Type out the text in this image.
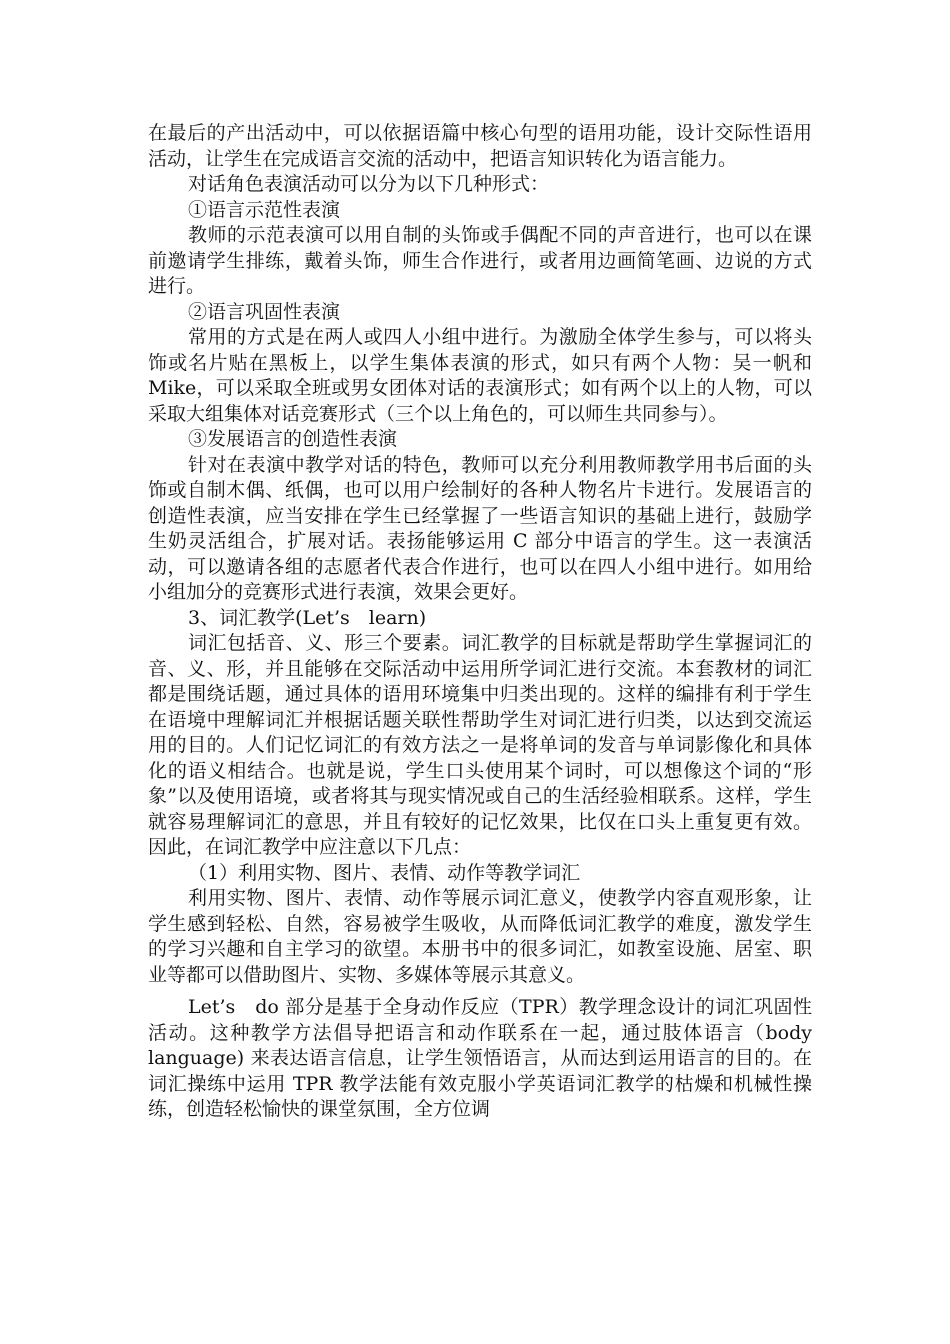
在最后的产出活动中，可以依据语篇中核心句型的语用功能，设计交际性语用活动，让学生在完成语言交流的活动中，把语言知识转化为语言能力。

对话角色表演活动可以分为以下几种形式：

①语言示范性表演

教师的示范表演可以用自制的头饰或手偶配不同的声音进行，也可以在课前邀请学生排练，戴着头饰，师生合作进行，或者用边画简笔画、边说的方式进行。

②语言巩固性表演

常用的方式是在两人或四人小组中进行。为激励全体学生参与，可以将头饰或名片贴在黑板上，以学生集体表演的形式，如只有两个人物：吴一帆和 Mike，可以采取全班或男女团体对话的表演形式；如有两个以上的人物，可以采取大组集体对话竞赛形式（三个以上角色的，可以师生共同参与）。

③发展语言的创造性表演

针对在表演中教学对话的特色，教师可以充分利用教师教学用书后面的头饰或自制木偶、纸偶，也可以用户绘制好的各种人物名片卡进行。发展语言的创造性表演，应当安排在学生已经掌握了一些语言知识的基础上进行，鼓励学生奶灵活组合，扩展对话。表扬能够运用 C 部分中语言的学生。这一表演活动，可以邀请各组的志愿者代表合作进行，也可以在四人小组中进行。如用给小组加分的竞赛形式进行表演，效果会更好。

3、词汇教学(Let’s　learn)

词汇包括音、义、形三个要素。词汇教学的目标就是帮助学生掌握词汇的音、义、形，并且能够在交际活动中运用所学词汇进行交流。本套教材的词汇都是围绕话题，通过具体的语用环境集中归类出现的。这样的编排有利于学生在语境中理解词汇并根据话题关联性帮助学生对词汇进行归类，以达到交流运用的目的。人们记忆词汇的有效方法之一是将单词的发音与单词影像化和具体化的语义相结合。也就是说，学生口头使用某个词时，可以想像这个词的“形象”以及使用语境，或者将其与现实情况或自己的生活经验相联系。这样，学生就容易理解词汇的意思，并且有较好的记忆效果，比仅在口头上重复更有效。因此，在词汇教学中应注意以下几点：

（1）利用实物、图片、表情、动作等教学词汇

利用实物、图片、表情、动作等展示词汇意义，使教学内容直观形象，让学生感到轻松、自然，容易被学生吸收，从而降低词汇教学的难度，激发学生的学习兴趣和自主学习的欲望。本册书中的很多词汇，如教室设施、居室、职业等都可以借助图片、实物、多媒体等展示其意义。

Let’s　do 部分是基于全身动作反应（TPR）教学理念设计的词汇巩固性活动。这种教学方法倡导把语言和动作联系在一起，通过肢体语言（body language) 来表达语言信息，让学生领悟语言，从而达到运用语言的目的。在词汇操练中运用 TPR 教学法能有效克服小学英语词汇教学的枯燥和机械性操练，创造轻松愉快的课堂氛围，全方位调
